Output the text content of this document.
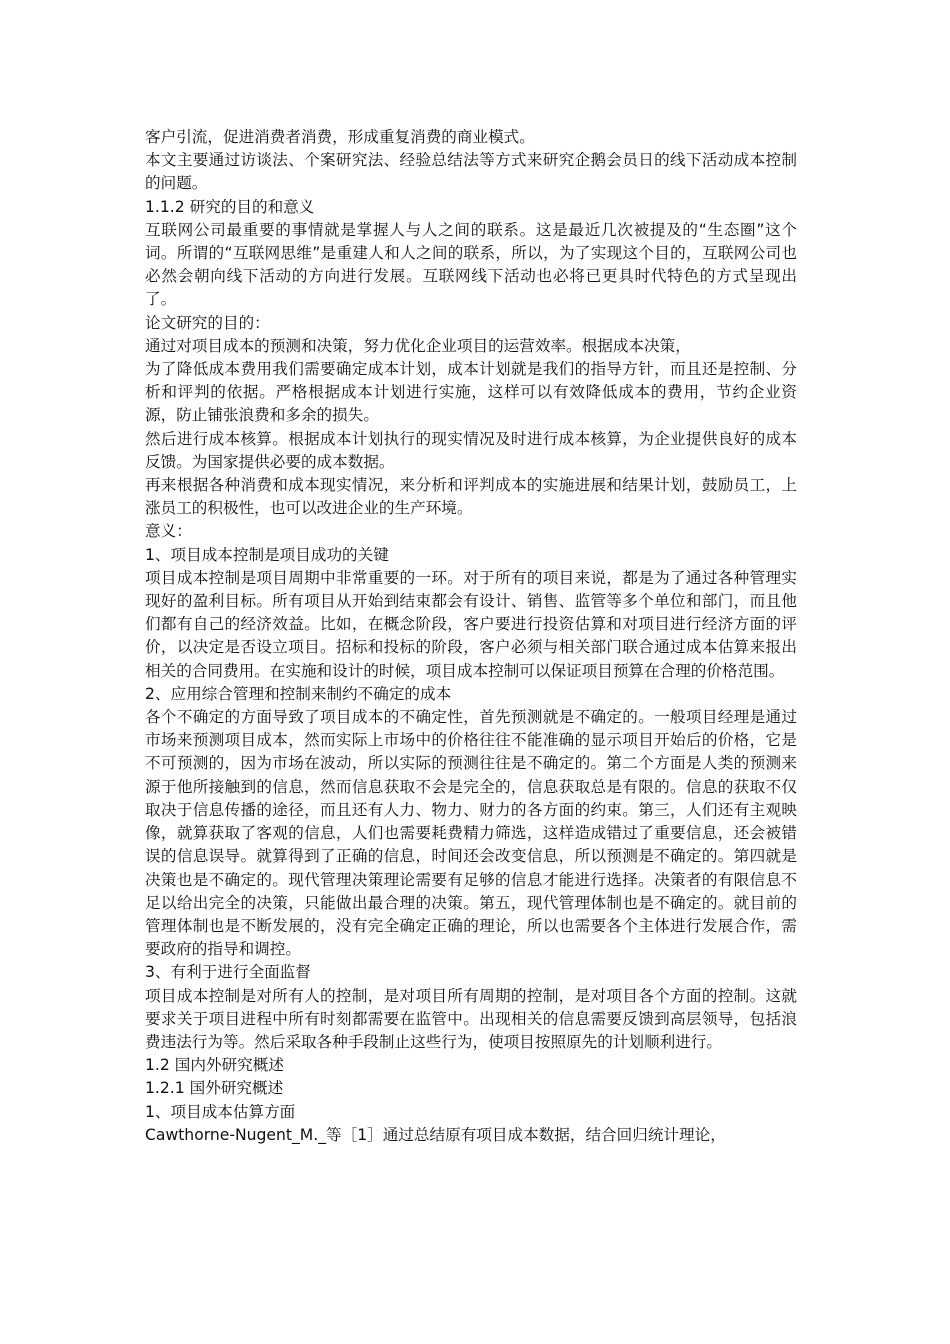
客户引流，促进消费者消费，形成重复消费的商业模式。

本文主要通过访谈法、个案研究法、经验总结法等方式来研究企鹅会员日的线下活动成本控制的问题。

1.1.2 研究的目的和意义

互联网公司最重要的事情就是掌握人与人之间的联系。这是最近几次被提及的“生态圈”这个词。所谓的“互联网思维”是重建人和人之间的联系，所以，为了实现这个目的，互联网公司也必然会朝向线下活动的方向进行发展。互联网线下活动也必将已更具时代特色的方式呈现出了。

论文研究的目的：

通过对项目成本的预测和决策，努力优化企业项目的运营效率。根据成本决策，

为了降低成本费用我们需要确定成本计划，成本计划就是我们的指导方针，而且还是控制、分析和评判的依据。严格根据成本计划进行实施，这样可以有效降低成本的费用，节约企业资源，防止铺张浪费和多余的损失。

然后进行成本核算。根据成本计划执行的现实情况及时进行成本核算，为企业提供良好的成本反馈。为国家提供必要的成本数据。

再来根据各种消费和成本现实情况，来分析和评判成本的实施进展和结果计划，鼓励员工，上涨员工的积极性，也可以改进企业的生产环境。

意义：

1、项目成本控制是项目成功的关键

项目成本控制是项目周期中非常重要的一环。对于所有的项目来说，都是为了通过各种管理实现好的盈利目标。所有项目从开始到结束都会有设计、销售、监管等多个单位和部门，而且他们都有自己的经济效益。比如，在概念阶段，客户要进行投资估算和对项目进行经济方面的评价，以决定是否设立项目。招标和投标的阶段，客户必须与相关部门联合通过成本估算来报出相关的合同费用。在实施和设计的时候，项目成本控制可以保证项目预算在合理的价格范围。

2、应用综合管理和控制来制约不确定的成本

各个不确定的方面导致了项目成本的不确定性，首先预测就是不确定的。一般项目经理是通过市场来预测项目成本，然而实际上市场中的价格往往不能准确的显示项目开始后的价格，它是不可预测的，因为市场在波动，所以实际的预测往往是不确定的。第二个方面是人类的预测来源于他所接触到的信息，然而信息获取不会是完全的，信息获取总是有限的。信息的获取不仅取决于信息传播的途径，而且还有人力、物力、财力的各方面的约束。第三，人们还有主观映像，就算获取了客观的信息，人们也需要耗费精力筛选，这样造成错过了重要信息，还会被错误的信息误导。就算得到了正确的信息，时间还会改变信息，所以预测是不确定的。第四就是决策也是不确定的。现代管理决策理论需要有足够的信息才能进行选择。决策者的有限信息不足以给出完全的决策，只能做出最合理的决策。第五，现代管理体制也是不确定的。就目前的管理体制也是不断发展的，没有完全确定正确的理论，所以也需要各个主体进行发展合作，需要政府的指导和调控。

3、有利于进行全面监督

项目成本控制是对所有人的控制，是对项目所有周期的控制，是对项目各个方面的控制。这就要求关于项目进程中所有时刻都需要在监管中。出现相关的信息需要反馈到高层领导，包括浪费违法行为等。然后采取各种手段制止这些行为，使项目按照原先的计划顺利进行。

1.2 国内外研究概述

1.2.1 国外研究概述

1、项目成本估算方面

Cawthorne-Nugent_M._等［1］通过总结原有项目成本数据，结合回归统计理论，
